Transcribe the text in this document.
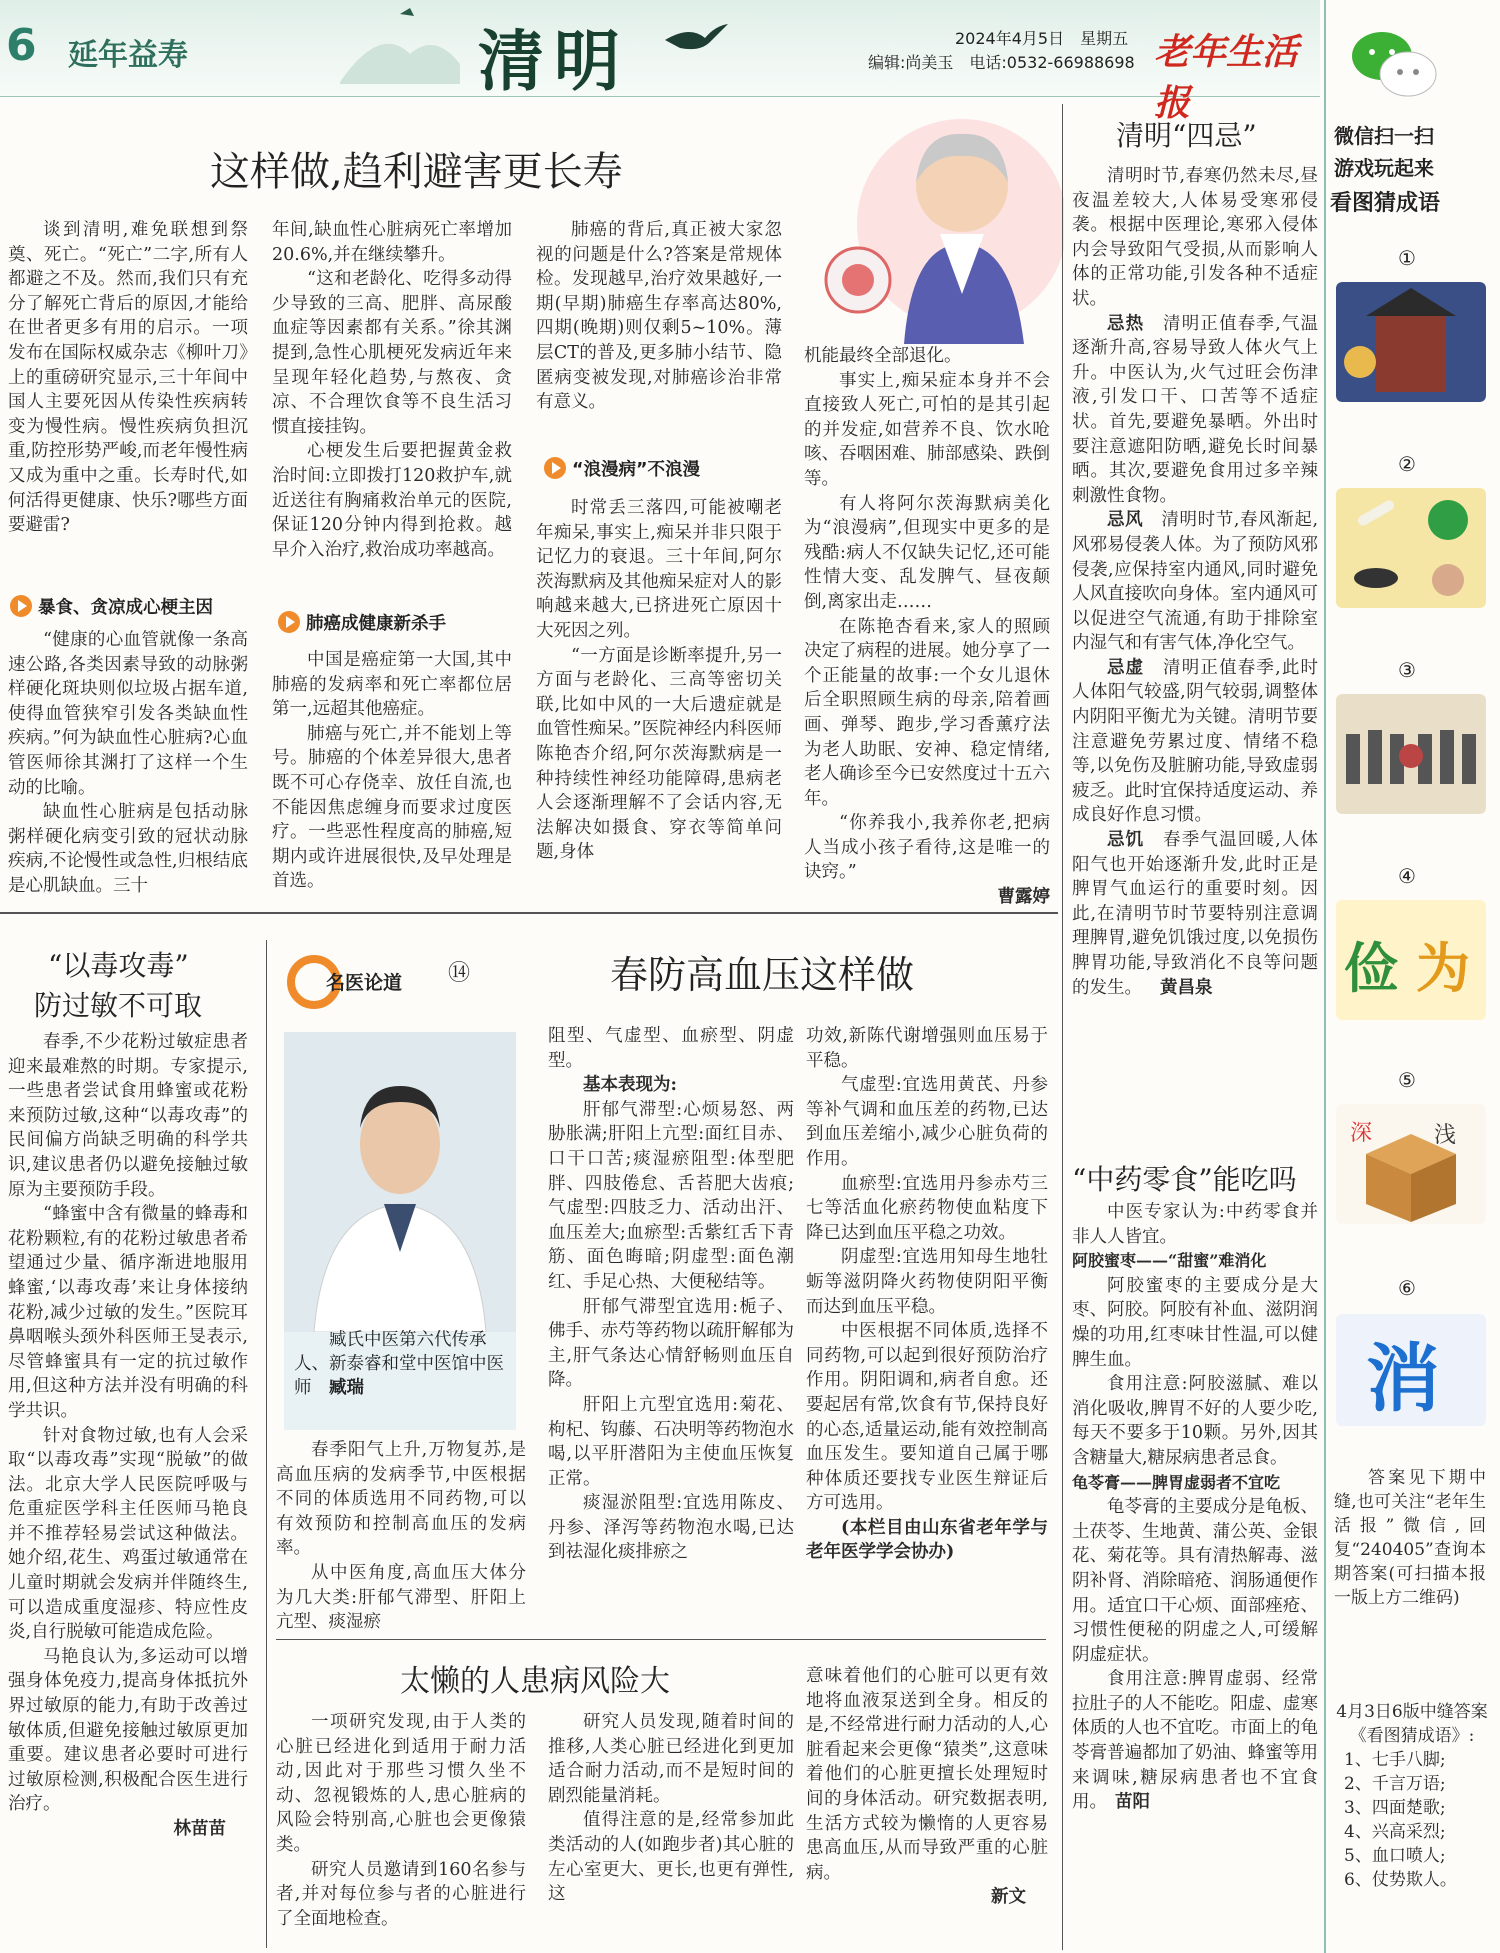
6	延年益寿	清明	2024年4月5日　星期五
编辑:尚美玉　电话:0532-66988698 老年生活报
这样做,趋利避害更长寿

谈到清明,难免联想到祭奠、死亡。“死亡”二字,所有人都避之不及。然而,我们只有充分了解死亡背后的原因,才能给在世者更多有用的启示。一项发布在国际权威杂志《柳叶刀》上的重磅研究显示,三十年间中国人主要死因从传染性疾病转变为慢性病。慢性疾病负担沉重,防控形势严峻,而老年慢性病又成为重中之重。长寿时代,如何活得更健康、快乐?哪些方面要避雷?

暴食、贪凉成心梗主因

“健康的心血管就像一条高速公路,各类因素导致的动脉粥样硬化斑块则似垃圾占据车道,使得血管狭窄引发各类缺血性疾病。”何为缺血性心脏病?心血管医师徐其渊打了这样一个生动的比喻。

缺血性心脏病是包括动脉粥样硬化病变引致的冠状动脉疾病,不论慢性或急性,归根结底是心肌缺血。三十

年间,缺血性心脏病死亡率增加20.6%,并在继续攀升。

“这和老龄化、吃得多动得少导致的三高、肥胖、高尿酸血症等因素都有关系。”徐其渊提到,急性心肌梗死发病近年来呈现年轻化趋势,与熬夜、贪凉、不合理饮食等不良生活习惯直接挂钩。

心梗发生后要把握黄金救治时间:立即拨打120救护车,就近送往有胸痛救治单元的医院,保证120分钟内得到抢救。越早介入治疗,救治成功率越高。

肺癌成健康新杀手

中国是癌症第一大国,其中肺癌的发病率和死亡率都位居第一,远超其他癌症。

肺癌与死亡,并不能划上等号。肺癌的个体差异很大,患者既不可心存侥幸、放任自流,也不能因焦虑缠身而要求过度医疗。一些恶性程度高的肺癌,短期内或许进展很快,及早处理是首选。

肺癌的背后,真正被大家忽视的问题是什么?答案是常规体检。发现越早,治疗效果越好,一期(早期)肺癌生存率高达80%,四期(晚期)则仅剩5~10%。薄层CT的普及,更多肺小结节、隐匿病变被发现,对肺癌诊治非常有意义。

“浪漫病”不浪漫

时常丢三落四,可能被嘲老年痴呆,事实上,痴呆并非只限于记忆力的衰退。三十年间,阿尔茨海默病及其他痴呆症对人的影响越来越大,已挤进死亡原因十大死因之列。

“一方面是诊断率提升,另一方面与老龄化、三高等密切关联,比如中风的一大后遗症就是血管性痴呆。”医院神经内科医师陈艳杏介绍,阿尔茨海默病是一种持续性神经功能障碍,患病老人会逐渐理解不了会话内容,无法解决如摄食、穿衣等简单问题,身体

机能最终全部退化。

事实上,痴呆症本身并不会直接致人死亡,可怕的是其引起的并发症,如营养不良、饮水呛咳、吞咽困难、肺部感染、跌倒等。

有人将阿尔茨海默病美化为“浪漫病”,但现实中更多的是残酷:病人不仅缺失记忆,还可能性情大变、乱发脾气、昼夜颠倒,离家出走……

在陈艳杏看来,家人的照顾决定了病程的进展。她分享了一个正能量的故事:一个女儿退休后全职照顾生病的母亲,陪着画画、弹琴、跑步,学习香薰疗法为老人助眠、安神、稳定情绪,老人确诊至今已安然度过十五六年。

“你养我小,我养你老,把病人当成小孩子看待,这是唯一的诀窍。”

曹露婷
“以毒攻毒”
防过敏不可取

春季,不少花粉过敏症患者迎来最难熬的时期。专家提示,一些患者尝试食用蜂蜜或花粉来预防过敏,这种“以毒攻毒”的民间偏方尚缺乏明确的科学共识,建议患者仍以避免接触过敏原为主要预防手段。

“蜂蜜中含有微量的蜂毒和花粉颗粒,有的花粉过敏患者希望通过少量、循序渐进地服用蜂蜜,‘以毒攻毒’来让身体接纳花粉,减少过敏的发生。”医院耳鼻咽喉头颈外科医师王旻表示,尽管蜂蜜具有一定的抗过敏作用,但这种方法并没有明确的科学共识。

针对食物过敏,也有人会采取“以毒攻毒”实现“脱敏”的做法。北京大学人民医院呼吸与危重症医学科主任医师马艳良并不推荐轻易尝试这种做法。她介绍,花生、鸡蛋过敏通常在儿童时期就会发病并伴随终生,可以造成重度湿疹、特应性皮炎,自行脱敏可能造成危险。

马艳良认为,多运动可以增强身体免疫力,提高身体抵抗外界过敏原的能力,有助于改善过敏体质,但避免接触过敏原更加重要。建议患者必要时可进行过敏原检测,积极配合医生进行治疗。

林苗苗
名医论道 ⑭	春防高血压这样做
臧氏中医第六代传承人、新泰睿和堂中医馆中医师　 臧瑞

春季阳气上升,万物复苏,是高血压病的发病季节,中医根据不同的体质选用不同药物,可以有效预防和控制高血压的发病率。

从中医角度,高血压大体分为几大类:肝郁气滞型、肝阳上亢型、痰湿瘀

阻型、气虚型、血瘀型、阴虚型。

基本表现为:

肝郁气滞型:心烦易怒、两胁胀满;肝阳上亢型:面红目赤、口干口苦;痰湿瘀阻型:体型肥胖、四肢倦怠、舌苔肥大齿痕;气虚型:四肢乏力、活动出汗、血压差大;血瘀型:舌紫红舌下青筋、面色晦暗;阴虚型:面色潮红、手足心热、大便秘结等。

肝郁气滞型宜选用:栀子、佛手、赤芍等药物以疏肝解郁为主,肝气条达心情舒畅则血压自降。

肝阳上亢型宜选用:菊花、枸杞、钩藤、石决明等药物泡水喝,以平肝潜阳为主使血压恢复正常。

痰湿淤阻型:宜选用陈皮、丹参、泽泻等药物泡水喝,已达到祛湿化痰排瘀之

功效,新陈代谢增强则血压易于平稳。

气虚型:宜选用黄芪、丹参等补气调和血压差的药物,已达到血压差缩小,减少心脏负荷的作用。

血瘀型:宜选用丹参赤芍三七等活血化瘀药物使血粘度下降已达到血压平稳之功效。

阴虚型:宜选用知母生地牡蛎等滋阴降火药物使阴阳平衡而达到血压平稳。

中医根据不同体质,选择不同药物,可以起到很好预防治疗作用。阴阳调和,病者自愈。还要起居有常,饮食有节,保持良好的心态,适量运动,能有效控制高血压发生。要知道自己属于哪种体质还要找专业医生辩证后方可选用。

(本栏目由山东省老年学与老年医学学会协办)

太懒的人患病风险大

一项研究发现,由于人类的心脏已经进化到适用于耐力活动,因此对于那些习惯久坐不动、忽视锻炼的人,患心脏病的风险会特别高,心脏也会更像猿类。

研究人员邀请到160名参与者,并对每位参与者的心脏进行了全面地检查。

研究人员发现,随着时间的推移,人类心脏已经进化到更加适合耐力活动,而不是短时间的剧烈能量消耗。

值得注意的是,经常参加此类活动的人(如跑步者)其心脏的左心室更大、更长,也更有弹性,这

意味着他们的心脏可以更有效地将血液泵送到全身。相反的是,不经常进行耐力活动的人,心脏看起来会更像“猿类”,这意味着他们的心脏更擅长处理短时间的身体活动。研究数据表明,生活方式较为懒惰的人更容易患高血压,从而导致严重的心脏病。

新文
清明“四忌”

清明时节,春寒仍然未尽,昼夜温差较大,人体易受寒邪侵袭。根据中医理论,寒邪入侵体内会导致阳气受损,从而影响人体的正常功能,引发各种不适症状。

忌热　 清明正值春季,气温逐渐升高,容易导致人体火气上升。中医认为,火气过旺会伤津液,引发口干、口苦等不适症状。首先,要避免暴晒。外出时要注意遮阳防晒,避免长时间暴晒。其次,要避免食用过多辛辣刺激性食物。

忌风　 清明时节,春风渐起,风邪易侵袭人体。为了预防风邪侵袭,应保持室内通风,同时避免人风直接吹向身体。室内通风可以促进空气流通,有助于排除室内湿气和有害气体,净化空气。

忌虚　 清明正值春季,此时人体阳气较盛,阴气较弱,调整体内阴阳平衡尤为关键。清明节要注意避免劳累过度、情绪不稳等,以免伤及脏腑功能,导致虚弱疲乏。此时宜保持适度运动、养成良好作息习惯。

忌饥　 春季气温回暖,人体阳气也开始逐渐升发,此时正是脾胃气血运行的重要时刻。因此,在清明节时节要特别注意调理脾胃,避免饥饿过度,以免损伤脾胃功能,导致消化不良等问题的发生。 黄昌泉

“中药零食”能吃吗

中医专家认为:中药零食并非人人皆宜。

阿胶蜜枣——“甜蜜”难消化

阿胶蜜枣的主要成分是大枣、阿胶。阿胶有补血、滋阴润燥的功用,红枣味甘性温,可以健脾生血。

食用注意:阿胶滋腻、难以消化吸收,脾胃不好的人要少吃,每天不要多于10颗。另外,因其含糖量大,糖尿病患者忌食。

龟苓膏——脾胃虚弱者不宜吃

龟苓膏的主要成分是龟板、土茯苓、生地黄、蒲公英、金银花、菊花等。具有清热解毒、滋阴补肾、消除暗疮、润肠通便作用。适宜口干心烦、面部痤疮、习惯性便秘的阴虚之人,可缓解阴虚症状。

食用注意:脾胃虚弱、经常拉肚子的人不能吃。阳虚、虚寒体质的人也不宜吃。市面上的龟苓膏普遍都加了奶油、蜂蜜等用来调味,糖尿病患者也不宜食用。 苗阳

微信扫一扫
游戏玩起来
看图猜成语
①
②
③
④
俭 为
⑤
深	浅
⑥
消

答案见下期中缝,也可关注“老年生活报”微信,回复“240405”查询本期答案(可扫描本报一版上方二维码)

4月3日6版中缝答案《看图猜成语》:
1、七手八脚;
2、千言万语;
3、四面楚歌;
4、兴高采烈;
5、血口喷人;
6、仗势欺人。
